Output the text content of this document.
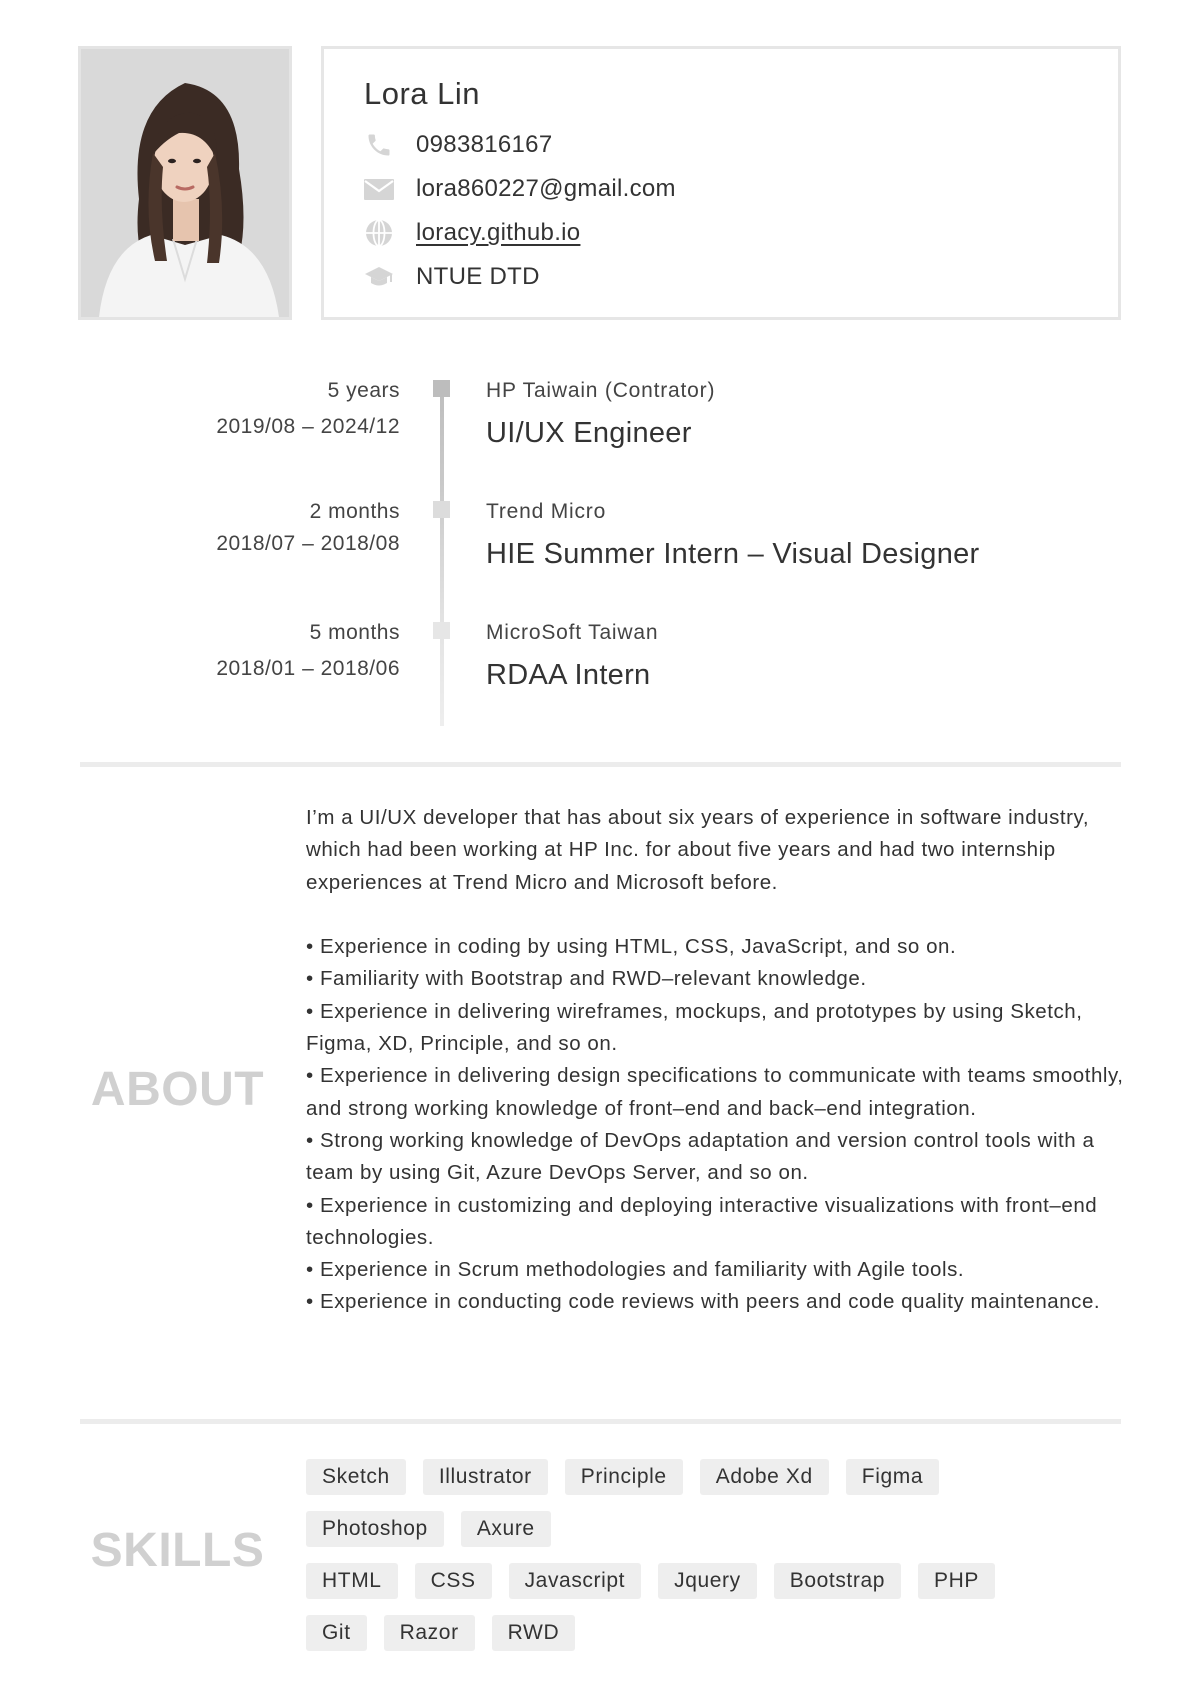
Lora Lin
0983816167
lora860227@gmail.com
loracy.github.io
NTUE DTD
5 years
2019/08 – 2024/12
HP Taiwain (Contrator)
UI/UX Engineer
2 months
2018/07 – 2018/08
Trend Micro
HIE Summer Intern – Visual Designer
5 months
2018/01 – 2018/06
MicroSoft Taiwan
RDAA Intern
ABOUT

I’m a UI/UX developer that has about six years of experience in software industry, which had been working at HP Inc. for about five years and had two internship experiences at Trend Micro and Microsoft before.

• Experience in coding by using HTML, CSS, JavaScript, and so on.

• Familiarity with Bootstrap and RWD–relevant knowledge.

• Experience in delivering wireframes, mockups, and prototypes by using Sketch, Figma, XD, Principle, and so on.

• Experience in delivering design specifications to communicate with teams smoothly, and strong working knowledge of front–end and back–end integration.

• Strong working knowledge of DevOps adaptation and version control tools with a team by using Git, Azure DevOps Server, and so on.

• Experience in customizing and deploying interactive visualizations with front–end technologies.

• Experience in Scrum methodologies and familiarity with Agile tools.

• Experience in conducting code reviews with peers and code quality maintenance.

SKILLS
Sketch	Illustrator	Principle	Adobe Xd	Figma
Photoshop	Axure
HTML	CSS	Javascript	Jquery	Bootstrap	PHP
Git	Razor	RWD
